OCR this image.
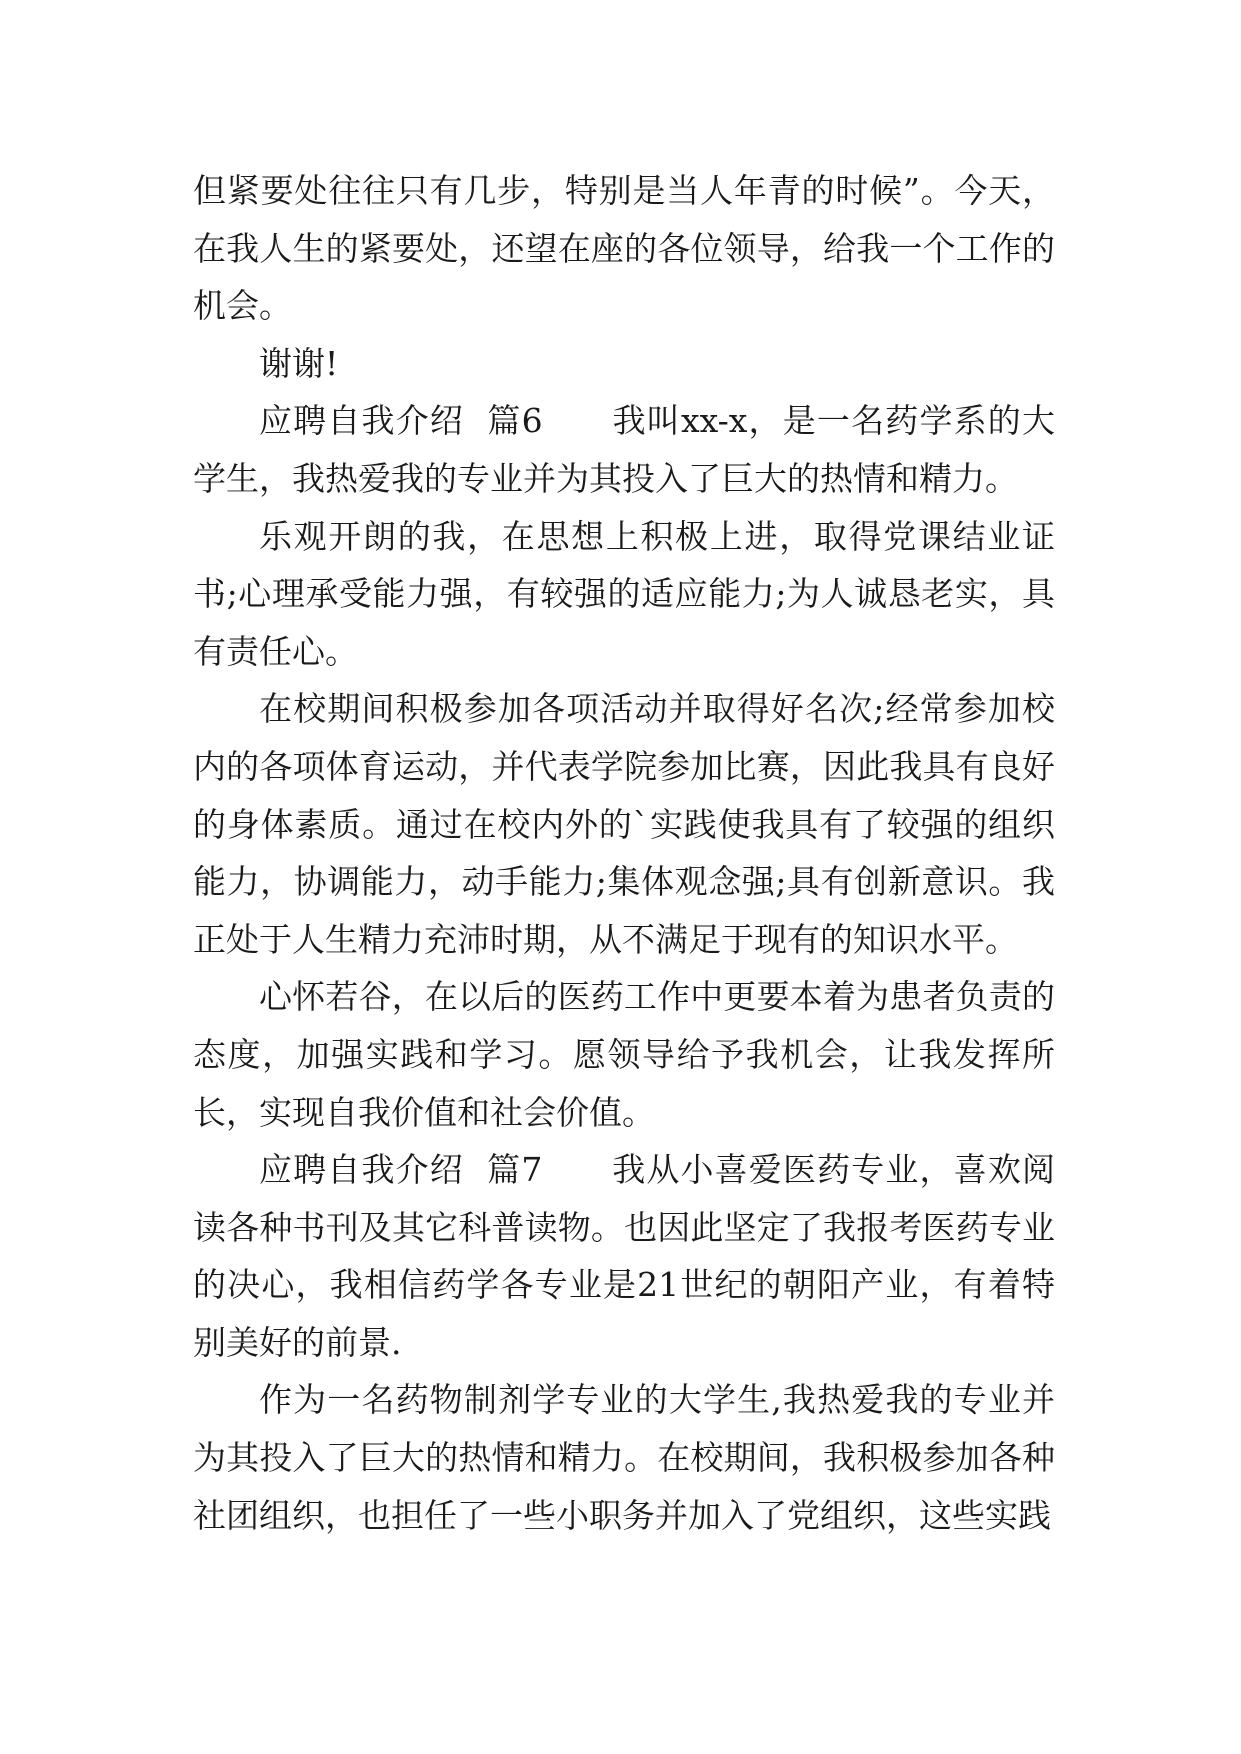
但紧要处往往只有几步，特别是当人年青的时候”。今天，在我人生的紧要处，还望在座的各位领导，给我一个工作的机会。

谢谢!

应聘自我介绍  篇6 我叫xx-x，是一名药学系的大学生，我热爱我的专业并为其投入了巨大的热情和精力。

乐观开朗的我，在思想上积极上进，取得党课结业证书;心理承受能力强，有较强的适应能力;为人诚恳老实，具有责任心。

在校期间积极参加各项活动并取得好名次;经常参加校内的各项体育运动，并代表学院参加比赛，因此我具有良好的身体素质。通过在校内外的`实践使我具有了较强的组织能力，协调能力，动手能力;集体观念强;具有创新意识。我正处于人生精力充沛时期，从不满足于现有的知识水平。

心怀若谷，在以后的医药工作中更要本着为患者负责的态度，加强实践和学习。愿领导给予我机会，让我发挥所长，实现自我价值和社会价值。

应聘自我介绍  篇7 我从小喜爱医药专业，喜欢阅读各种书刊及其它科普读物。也因此坚定了我报考医药专业的决心，我相信药学各专业是21世纪的朝阳产业，有着特别美好的前景.

作为一名药物制剂学专业的大学生,我热爱我的专业并为其投入了巨大的热情和精力。在校期间，我积极参加各种社团组织，也担任了一些小职务并加入了党组织，这些实践
